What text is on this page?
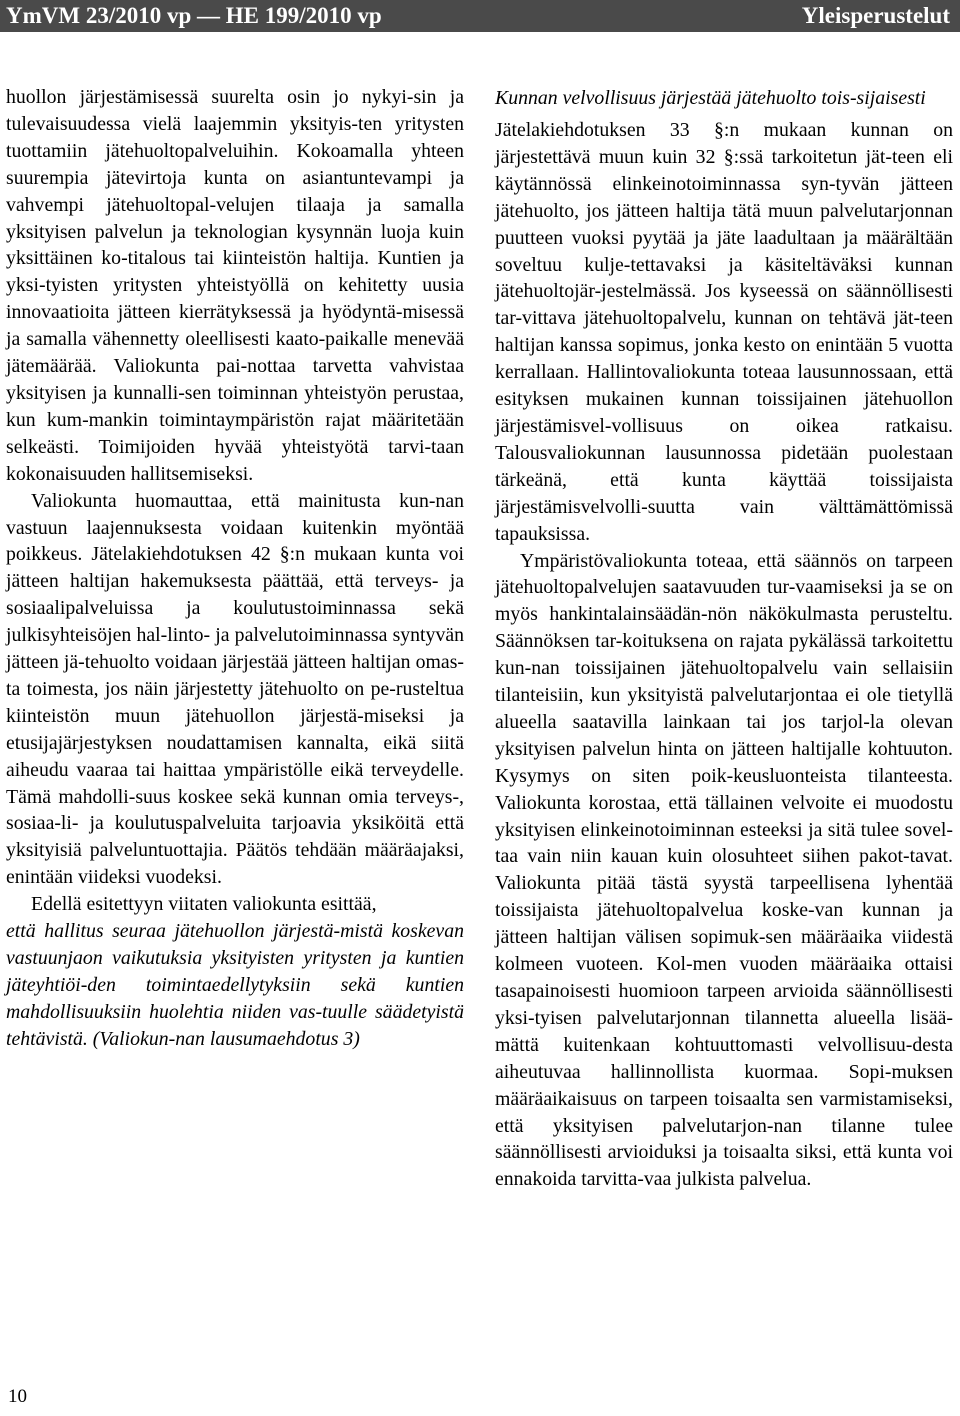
YmVM 23/2010 vp — HE 199/2010 vp	Yleisperustelut

huollon järjestämisessä suurelta osin jo nykyi-sin ja tulevaisuudessa vielä laajemmin yksityis-ten yritysten tuottamiin jätehuoltopalveluihin. Kokoamalla yhteen suurempia jätevirtoja kunta on asiantuntevampi ja vahvempi jätehuoltopal-velujen tilaaja ja samalla yksityisen palvelun ja teknologian kysynnän luoja kuin yksittäinen ko-titalous tai kiinteistön haltija. Kuntien ja yksi-tyisten yritysten yhteistyöllä on kehitetty uusia innovaatioita jätteen kierrätyksessä ja hyödyntä-misessä ja samalla vähennetty oleellisesti kaato-paikalle menevää jätemäärää. Valiokunta pai-nottaa tarvetta vahvistaa yksityisen ja kunnalli-sen toiminnan yhteistyön perustaa, kun kum-mankin toimintaympäristön rajat määritetään selkeästi. Toimijoiden hyvää yhteistyötä tarvi-taan kokonaisuuden hallitsemiseksi.

Valiokunta huomauttaa, että mainitusta kun-nan vastuun laajennuksesta voidaan kuitenkin myöntää poikkeus. Jätelakiehdotuksen 42 §:n mukaan kunta voi jätteen haltijan hakemuksesta päättää, että terveys- ja sosiaalipalveluissa ja koulutustoiminnassa sekä julkisyhteisöjen hal-linto- ja palvelutoiminnassa syntyvän jätteen jä-tehuolto voidaan järjestää jätteen haltijan omas-ta toimesta, jos näin järjestetty jätehuolto on pe-rusteltua kiinteistön muun jätehuollon järjestä-miseksi ja etusijajärjestyksen noudattamisen kannalta, eikä siitä aiheudu vaaraa tai haittaa ympäristölle eikä terveydelle. Tämä mahdolli-suus koskee sekä kunnan omia terveys-, sosiaa-li- ja koulutuspalveluita tarjoavia yksiköitä että yksityisiä palveluntuottajia. Päätös tehdään määräajaksi, enintään viideksi vuodeksi.

Edellä esitettyyn viitaten valiokunta esittää,

että hallitus seuraa jätehuollon järjestä-mistä koskevan vastuunjaon vaikutuksia yksityisten yritysten ja kuntien jäteyhtiöi-den toimintaedellytyksiin sekä kuntien mahdollisuuksiin huolehtia niiden vas-tuulle säädetyistä tehtävistä. (Valiokun-nan lausumaehdotus 3)

Kunnan velvollisuus järjestää jätehuolto tois-sijaisesti

Jätelakiehdotuksen 33 §:n mukaan kunnan on järjestettävä muun kuin 32 §:ssä tarkoitetun jät-teen eli käytännössä elinkeinotoiminnassa syn-tyvän jätteen jätehuolto, jos jätteen haltija tätä muun palvelutarjonnan puutteen vuoksi pyytää ja jäte laadultaan ja määrältään soveltuu kulje-tettavaksi ja käsiteltäväksi kunnan jätehuoltojär-jestelmässä. Jos kyseessä on säännöllisesti tar-vittava jätehuoltopalvelu, kunnan on tehtävä jät-teen haltijan kanssa sopimus, jonka kesto on enintään 5 vuotta kerrallaan. Hallintovaliokunta toteaa lausunnossaan, että esityksen mukainen kunnan toissijainen jätehuollon järjestämisvel-vollisuus on oikea ratkaisu. Talousvaliokunnan lausunnossa pidetään puolestaan tärkeänä, että kunta käyttää toissijaista järjestämisvelvolli-suutta vain välttämättömissä tapauksissa.

Ympäristövaliokunta toteaa, että säännös on tarpeen jätehuoltopalvelujen saatavuuden tur-vaamiseksi ja se on myös hankintalainsäädän-nön näkökulmasta perusteltu. Säännöksen tar-koituksena on rajata pykälässä tarkoitettu kun-nan toissijainen jätehuoltopalvelu vain sellaisiin tilanteisiin, kun yksityistä palvelutarjontaa ei ole tietyllä alueella saatavilla lainkaan tai jos tarjol-la olevan yksityisen palvelun hinta on jätteen haltijalle kohtuuton. Kysymys on siten poik-keusluonteista tilanteesta. Valiokunta korostaa, että tällainen velvoite ei muodostu yksityisen elinkeinotoiminnan esteeksi ja sitä tulee sovel-taa vain niin kauan kuin olosuhteet siihen pakot-tavat. Valiokunta pitää tästä syystä tarpeellisena lyhentää toissijaista jätehuoltopalvelua koske-van kunnan ja jätteen haltijan välisen sopimuk-sen määräaika viidestä kolmeen vuoteen. Kol-men vuoden määräaika ottaisi tasapainoisesti huomioon tarpeen arvioida säännöllisesti yksi-tyisen palvelutarjonnan tilannetta alueella lisää-mättä kuitenkaan kohtuuttomasti velvollisuu-desta aiheutuvaa hallinnollista kuormaa. Sopi-muksen määräaikaisuus on tarpeen toisaalta sen varmistamiseksi, että yksityisen palvelutarjon-nan tilanne tulee säännöllisesti arvioiduksi ja toisaalta siksi, että kunta voi ennakoida tarvitta-vaa julkista palvelua.

10
